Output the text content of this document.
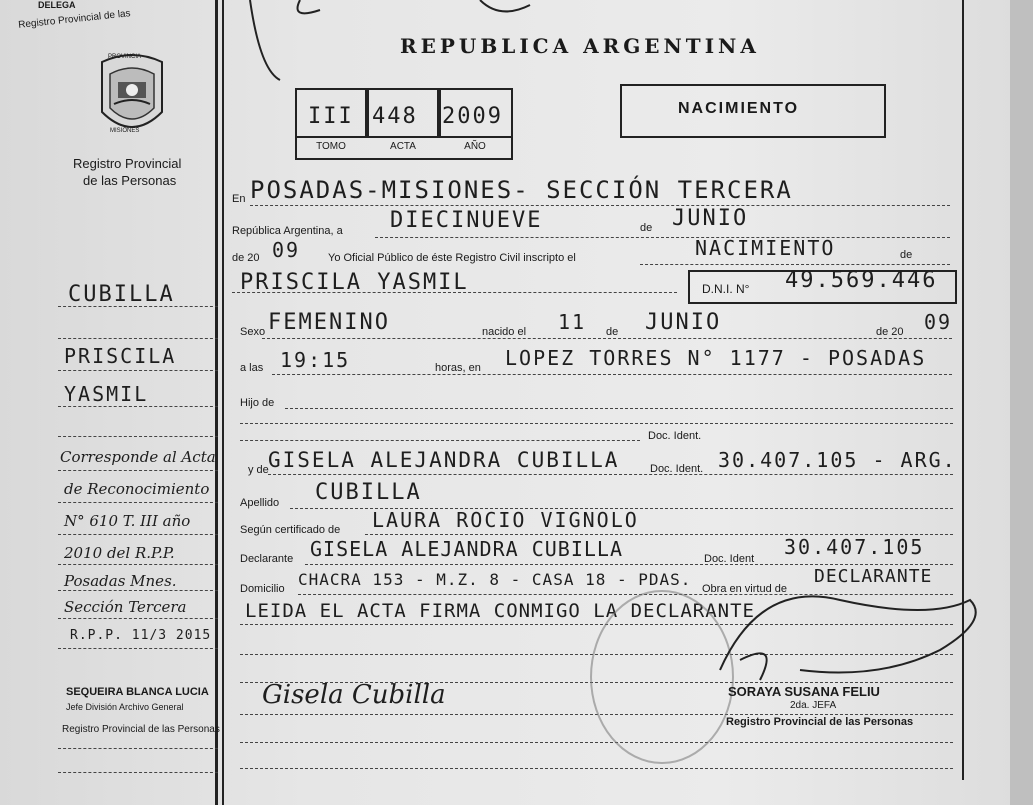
DELEGA
Registro Provincial de las
PROVINCIA
MISIONES
Registro Provincial
de las Personas
REPUBLICA ARGENTINA
III 448 2009
TOMO	ACTA	AÑO
NACIMIENTO
En POSADAS-MISIONES- SECCIÓN TERCERA
República Argentina, a	de
DIECINUEVE	JUNIO
de 20 09	Yo Oficial Público de éste Registro Civil inscripto el	NACIMIENTO	de
PRISCILA YASMIL	D.N.I. N° 49.569.446
Sexo FEMENINO	nacido el 11 de JUNIO	de 20 09
a las 19:15	horas, en LOPEZ TORRES N° 1177 - POSADAS
Hijo de
Doc. Ident.
y de GISELA ALEJANDRA CUBILLA	Doc. Ident. 30.407.105 - ARG.
Apellido CUBILLA
Según certificado de LAURA ROCIO VIGNOLO
Declarante GISELA ALEJANDRA CUBILLA	Doc. Ident 30.407.105
Domicilio CHACRA 153 - M.Z. 8 - CASA 18 - PDAS. Obra en virtud de
DECLARANTE
LEIDA EL ACTA FIRMA CONMIGO LA DECLARANTE
Gisela Cubilla	SORAYA SUSANA FELIU
2da. JEFA
Registro Provincial de las Personas
CUBILLA
PRISCILA
YASMIL
Corresponde al Acta
de Reconocimiento
N° 610 T. III año
2010 del R.P.P.
Posadas Mnes.
Sección Tercera
R.P.P. 11/3 2015
SEQUEIRA BLANCA LUCIA
Jefe División Archivo General
Registro Provincial de las Personas
